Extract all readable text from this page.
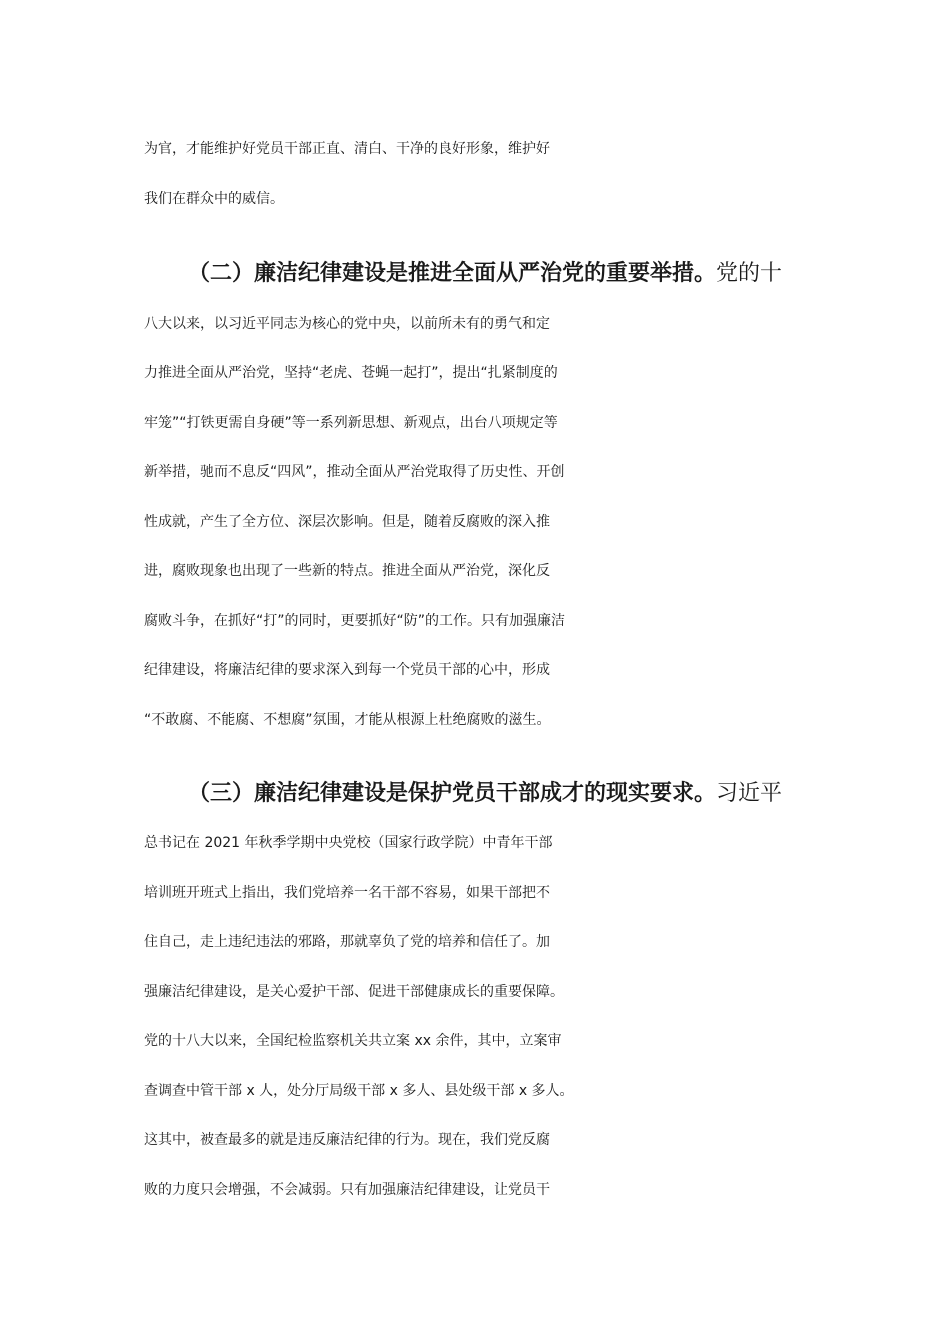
为官，才能维护好党员干部正直、清白、干净的良好形象，维护好
我们在群众中的威信。
（二）廉洁纪律建设是推进全面从严治党的重要举措。党的十
八大以来，以习近平同志为核心的党中央，以前所未有的勇气和定
力推进全面从严治党，坚持“老虎、苍蝇一起打”，提出“扎紧制度的
牢笼”“打铁更需自身硬”等一系列新思想、新观点，出台八项规定等
新举措，驰而不息反“四风”，推动全面从严治党取得了历史性、开创
性成就，产生了全方位、深层次影响。但是，随着反腐败的深入推
进，腐败现象也出现了一些新的特点。推进全面从严治党，深化反
腐败斗争，在抓好“打”的同时，更要抓好“防”的工作。只有加强廉洁
纪律建设，将廉洁纪律的要求深入到每一个党员干部的心中，形成
“不敢腐、不能腐、不想腐”氛围，才能从根源上杜绝腐败的滋生。
（三）廉洁纪律建设是保护党员干部成才的现实要求。习近平
总书记在 2021 年秋季学期中央党校（国家行政学院）中青年干部
培训班开班式上指出，我们党培养一名干部不容易，如果干部把不
住自己，走上违纪违法的邪路，那就辜负了党的培养和信任了。加
强廉洁纪律建设，是关心爱护干部、促进干部健康成长的重要保障。
党的十八大以来，全国纪检监察机关共立案 xx 余件，其中，立案审
查调查中管干部 x 人，处分厅局级干部 x 多人、县处级干部 x 多人。
这其中，被查最多的就是违反廉洁纪律的行为。现在，我们党反腐
败的力度只会增强，不会减弱。只有加强廉洁纪律建设，让党员干
